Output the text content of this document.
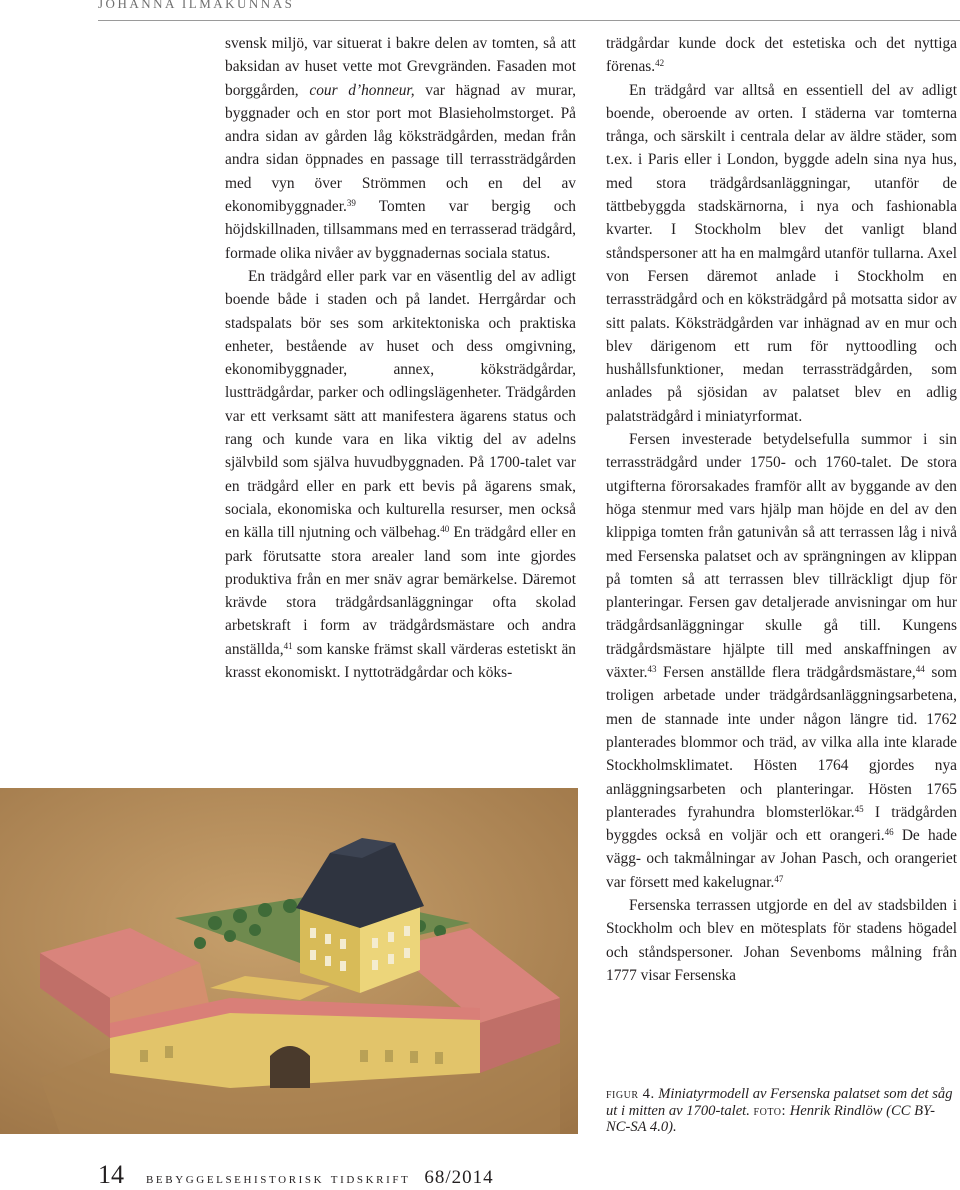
JOHANNA ILMAKUNNAS

svensk miljö, var situerat i bakre delen av tomten, så att baksidan av huset vette mot Grevgränden. Fasaden mot borggården, cour d’honneur, var hägnad av murar, byggnader och en stor port mot Blasieholmstorget. På andra sidan av gården låg köksträdgården, medan från andra sidan öppnades en passage till terrassträdgården med vyn över Strömmen och en del av ekonomibyggnader.$^{39}$ Tomten var bergig och höjdskillnaden, tillsammans med en terrasserad trädgård, formade olika nivåer av byggnadernas sociala status.

En trädgård eller park var en väsentlig del av adligt boende både i staden och på landet. Herrgårdar och stadspalats bör ses som arkitektoniska och praktiska enheter, bestående av huset och dess omgivning, ekonomibyggnader, annex, köksträdgårdar, lustträdgårdar, parker och odlingslägenheter. Trädgården var ett verksamt sätt att manifestera ägarens status och rang och kunde vara en lika viktig del av adelns självbild som själva huvudbyggnaden. På 1700-talet var en trädgård eller en park ett bevis på ägarens smak, sociala, ekonomiska och kulturella resurser, men också en källa till njutning och välbehag.$^{40}$ En trädgård eller en park förutsatte stora arealer land som inte gjordes produktiva från en mer snäv agrar bemärkelse. Däremot krävde stora trädgårdsanläggningar ofta skolad arbetskraft i form av trädgårdsmästare och andra anställda,$^{41}$ som kanske främst skall värderas estetiskt än krasst ekonomiskt. I nyttoträdgårdar och köks-

trädgårdar kunde dock det estetiska och det nyttiga förenas.$^{42}$

En trädgård var alltså en essentiell del av adligt boende, oberoende av orten. I städerna var tomterna trånga, och särskilt i centrala delar av äldre städer, som t.ex. i Paris eller i London, byggde adeln sina nya hus, med stora trädgårdsanläggningar, utanför de tättbebyggda stadskärnorna, i nya och fashionabla kvarter. I Stockholm blev det vanligt bland ståndspersoner att ha en malmgård utanför tullarna. Axel von Fersen däremot anlade i Stockholm en terrassträdgård och en köksträdgård på motsatta sidor av sitt palats. Köksträdgården var inhägnad av en mur och blev därigenom ett rum för nyttoodling och hushållsfunktioner, medan terrassträdgården, som anlades på sjösidan av palatset blev en adlig palatsträdgård i miniatyrformat.

Fersen investerade betydelsefulla summor i sin terrassträdgård under 1750- och 1760-talet. De stora utgifterna förorsakades framför allt av byggande av den höga stenmur med vars hjälp man höjde en del av den klippiga tomten från gatunivån så att terrassen låg i nivå med Fersenska palatset och av sprängningen av klippan på tomten så att terrassen blev tillräckligt djup för planteringar. Fersen gav detaljerade anvisningar om hur trädgårdsanläggningar skulle gå till. Kungens trädgårdsmästare hjälpte till med anskaffningen av växter.$^{43}$ Fersen anställde flera trädgårdsmästare,$^{44}$ som troligen arbetade under trädgårdsanläggningsarbetena, men de stannade inte under någon längre tid. 1762 planterades blommor och träd, av vilka alla inte klarade Stockholmsklimatet. Hösten 1764 gjordes nya anläggningsarbeten och planteringar. Hösten 1765 planterades fyrahundra blomsterlökar.$^{45}$ I trädgården byggdes också en voljär och ett orangeri.$^{46}$ De hade vägg- och takmålningar av Johan Pasch, och orangeriet var försett med kakelugnar.$^{47}$

Fersenska terrassen utgjorde en del av stadsbilden i Stockholm och blev en mötesplats för stadens högadel och ståndspersoner. Johan Sevenboms målning från 1777 visar Fersenska

figur 4. Miniatyrmodell av Fersenska palatset som det såg ut i mitten av 1700-talet. foto: Henrik Rindlöw (CC BY-NC-SA 4.0).
14 bebyggelsehistorisk tidskrift 68/2014
